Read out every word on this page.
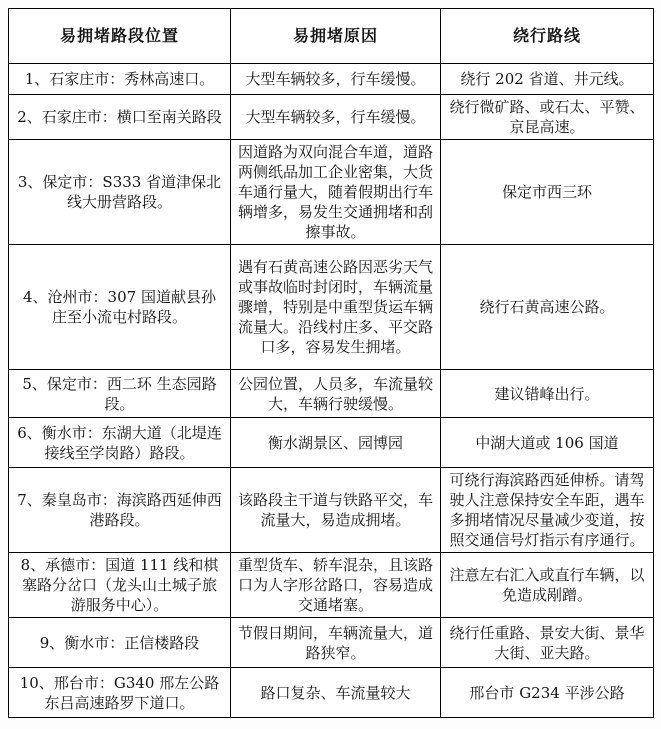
易拥堵路段位置	易拥堵原因	绕行路线
1、石家庄市：秀林高速口。	大型车辆较多，行车缓慢。	绕行 202 省道、井元线。
2、石家庄市：横口至南关路段	大型车辆较多，行车缓慢。	绕行微矿路、或石太、平赞、京昆高速。
3、保定市：S333 省道津保北线大册营路段。	因道路为双向混合车道，道路两侧纸品加工企业密集，大货车通行量大，随着假期出行车辆增多，易发生交通拥堵和刮擦事故。	保定市西三环
4、沧州市：307 国道献县孙庄至小流屯村路段。	遇有石黄高速公路因恶劣天气或事故临时封闭时，车辆流量骤增，特别是中重型货运车辆流量大。沿线村庄多、平交路口多，容易发生拥堵。	绕行石黄高速公路。
5、保定市：西二环 生态园路段。	公园位置，人员多，车流量较大，车辆行驶缓慢。	建议错峰出行。
6、衡水市：东湖大道（北堤连接线至学岗路）路段。	衡水湖景区、园博园	中湖大道或 106 国道
7、秦皇岛市：海滨路西延伸西港路段。	该路段主干道与铁路平交，车流量大，易造成拥堵。	可绕行海滨路西延伸桥。请驾驶人注意保持安全车距，遇车多拥堵情况尽量减少变道，按照交通信号灯指示有序通行。
8、承德市：国道 111 线和棋塞路分岔口（龙头山土城子旅游服务中心）。	重型货车、轿车混杂，且该路口为人字形岔路口，容易造成交通堵塞。	注意左右汇入或直行车辆，以免造成剐蹭。
9、衡水市：正信楼路段	节假日期间，车辆流量大，道路狭窄。	绕行任重路、景安大街、景华大街、亚夫路。
10、邢台市：G340 邢左公路东吕高速路罗下道口。	路口复杂、车流量较大	邢台市 G234 平涉公路
